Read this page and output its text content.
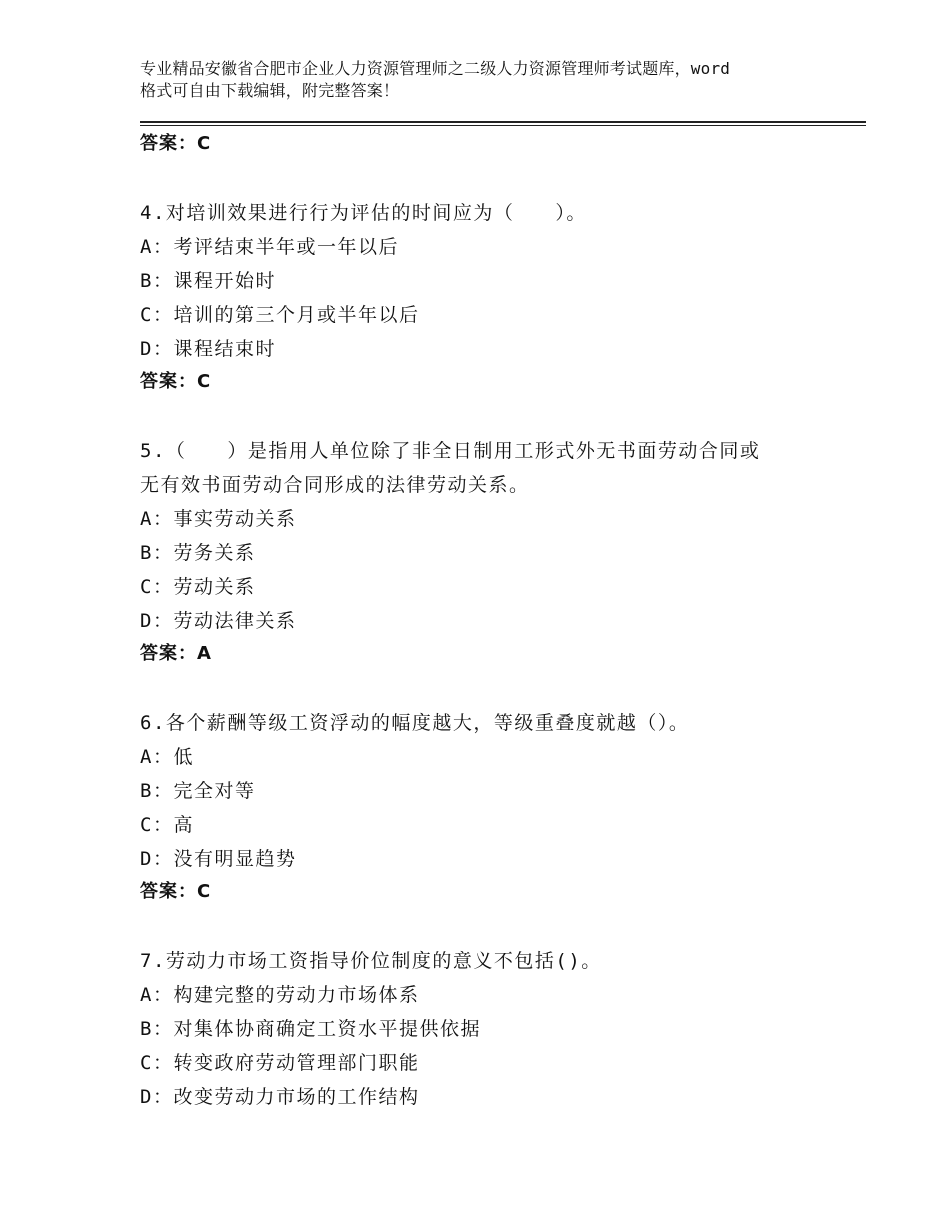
专业精品安徽省合肥市企业人力资源管理师之二级人力资源管理师考试题库，word
格式可自由下载编辑，附完整答案！
答案：C
4.对培训效果进行行为评估的时间应为（　　）。
A：考评结束半年或一年以后
B：课程开始时
C：培训的第三个月或半年以后
D：课程结束时
答案：C
5.（　　）是指用人单位除了非全日制用工形式外无书面劳动合同或
无有效书面劳动合同形成的法律劳动关系。
A：事实劳动关系
B：劳务关系
C：劳动关系
D：劳动法律关系
答案：A
6.各个薪酬等级工资浮动的幅度越大，等级重叠度就越（）。
A：低
B：完全对等
C：高
D：没有明显趋势
答案：C
7.劳动力市场工资指导价位制度的意义不包括()。
A：构建完整的劳动力市场体系
B：对集体协商确定工资水平提供依据
C：转变政府劳动管理部门职能
D：改变劳动力市场的工作结构
